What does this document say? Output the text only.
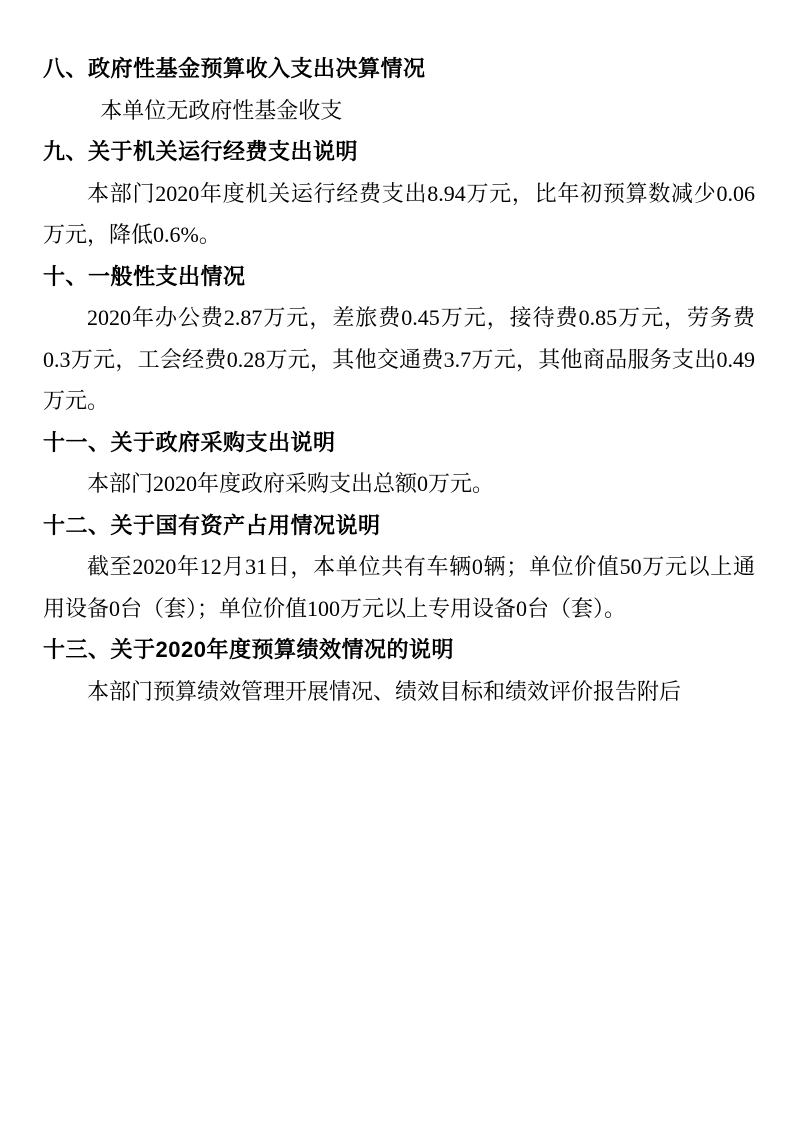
八、政府性基金预算收入支出决算情况

本单位无政府性基金收支

九、关于机关运行经费支出说明

本部门2020年度机关运行经费支出8.94万元，比年初预算数减少0.06万元，降低0.6%。

十、一般性支出情况

2020年办公费2.87万元，差旅费0.45万元，接待费0.85万元，劳务费0.3万元，工会经费0.28万元，其他交通费3.7万元，其他商品服务支出0.49万元。

十一、关于政府采购支出说明

本部门2020年度政府采购支出总额0万元。

十二、关于国有资产占用情况说明

截至2020年12月31日，本单位共有车辆0辆；单位价值50万元以上通用设备0台（套）；单位价值100万元以上专用设备0台（套）。

十三、关于2020年度预算绩效情况的说明

本部门预算绩效管理开展情况、绩效目标和绩效评价报告附后
